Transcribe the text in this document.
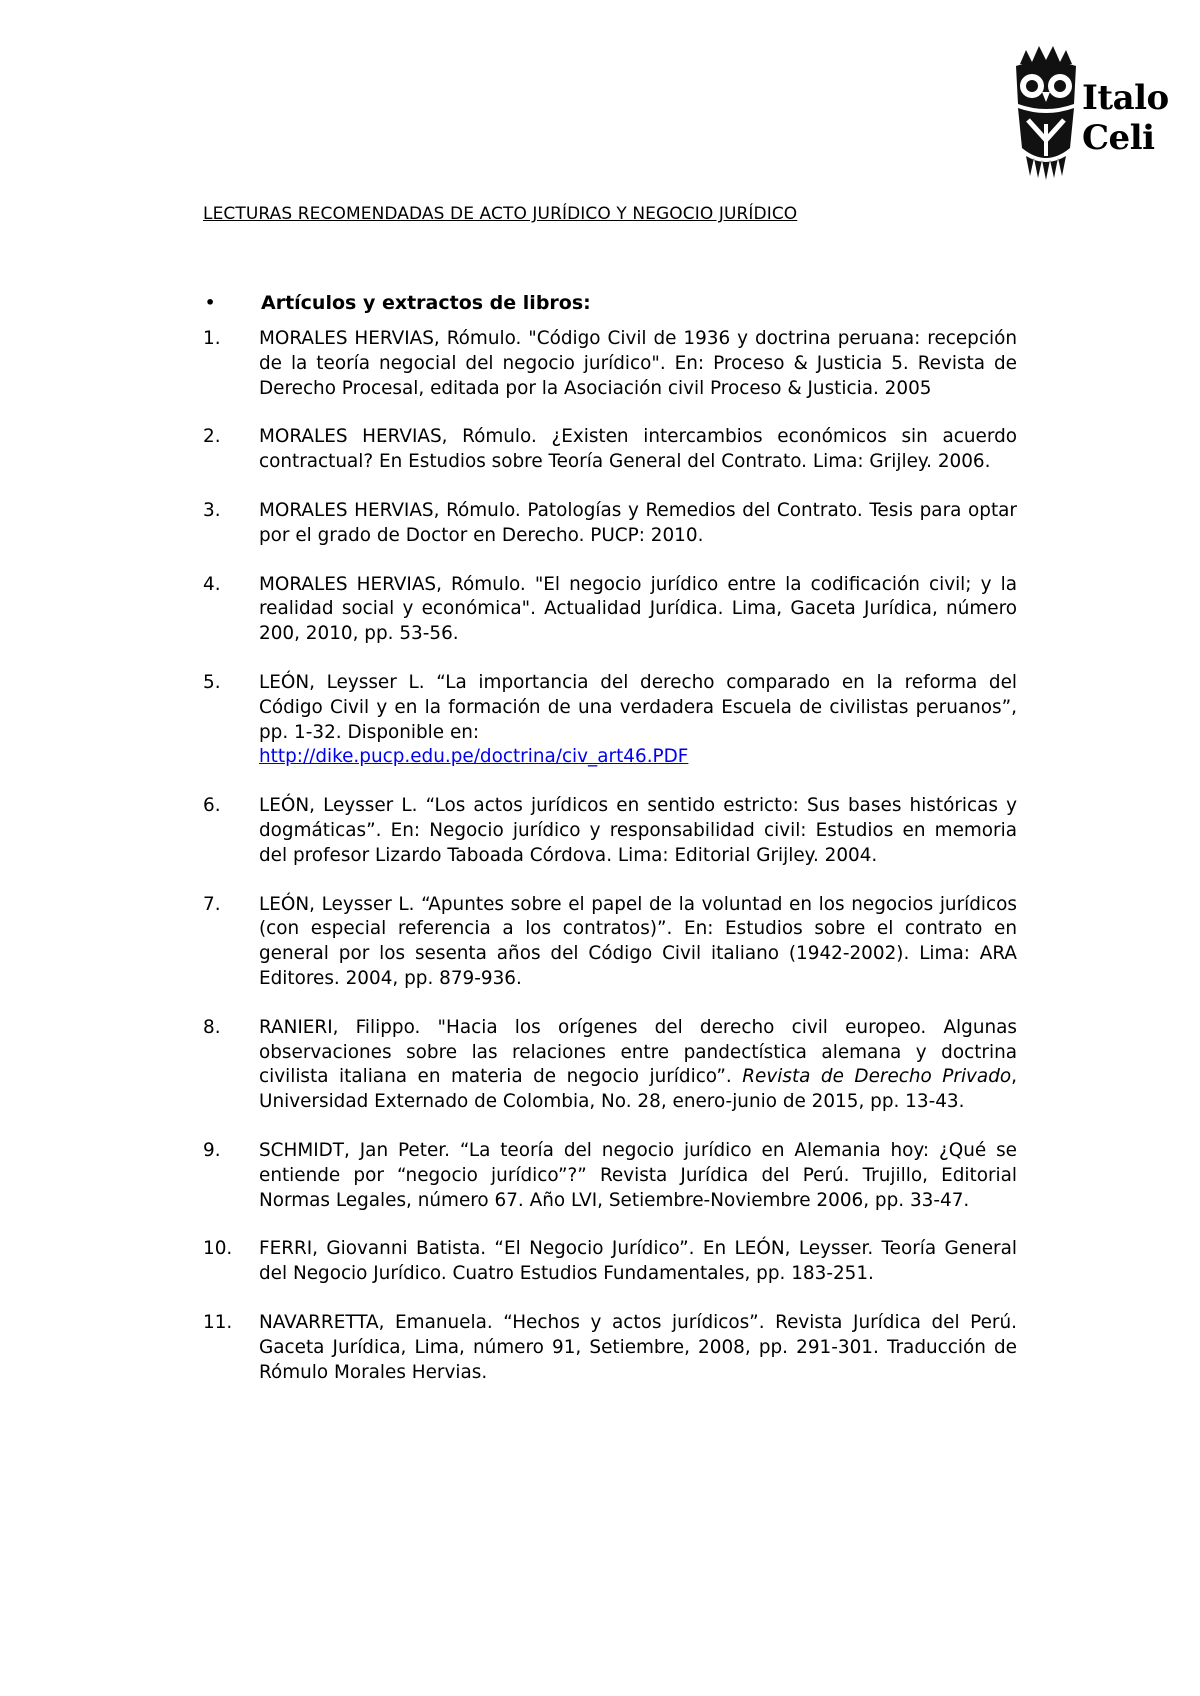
Italo
Celi
LECTURAS RECOMENDADAS DE ACTO JURÍDICO Y NEGOCIO JURÍDICO
•	Artículos y extractos de libros:
1.	MORALES HERVIAS, Rómulo. "Código Civil de 1936 y doctrina peruana: recepción de la teoría negocial del negocio jurídico". En: Proceso & Justicia 5. Revista de Derecho Procesal, editada por la Asociación civil Proceso & Justicia. 2005
2.	MORALES HERVIAS, Rómulo. ¿Existen intercambios económicos sin acuerdo contractual? En Estudios sobre Teoría General del Contrato. Lima: Grijley. 2006.
3.	MORALES HERVIAS, Rómulo. Patologías y Remedios del Contrato. Tesis para optar por el grado de Doctor en Derecho. PUCP: 2010.
4.	MORALES HERVIAS, Rómulo. "El negocio jurídico entre la codificación civil; y la realidad social y económica". Actualidad Jurídica. Lima, Gaceta Jurídica, número 200, 2010, pp. 53-56.
5.	LEÓN, Leysser L. “La importancia del derecho comparado en la reforma del Código Civil y en la formación de una verdadera Escuela de civilistas peruanos”, pp. 1-32. Disponible en:
http://dike.pucp.edu.pe/doctrina/civ_art46.PDF
6.	LEÓN, Leysser L. “Los actos jurídicos en sentido estricto: Sus bases históricas y dogmáticas”. En: Negocio jurídico y responsabilidad civil: Estudios en memoria del profesor Lizardo Taboada Córdova. Lima: Editorial Grijley. 2004.
7.	LEÓN, Leysser L. “Apuntes sobre el papel de la voluntad en los negocios jurídicos (con especial referencia a los contratos)”. En: Estudios sobre el contrato en general por los sesenta años del Código Civil italiano (1942-2002). Lima: ARA Editores. 2004, pp. 879-936.
8.	RANIERI, Filippo. "Hacia los orígenes del derecho civil europeo. Algunas observaciones sobre las relaciones entre pandectística alemana y doctrina civilista italiana en materia de negocio jurídico”. Revista de Derecho Privado, Universidad Externado de Colombia, No. 28, enero-junio de 2015, pp. 13-43.
9.	SCHMIDT, Jan Peter. “La teoría del negocio jurídico en Alemania hoy: ¿Qué se entiende por “negocio jurídico”?” Revista Jurídica del Perú. Trujillo, Editorial Normas Legales, número 67. Año LVI, Setiembre-Noviembre 2006, pp. 33-47.
10.	FERRI, Giovanni Batista. “El Negocio Jurídico”. En LEÓN, Leysser. Teoría General del Negocio Jurídico. Cuatro Estudios Fundamentales, pp. 183-251.
11.	NAVARRETTA, Emanuela. “Hechos y actos jurídicos”. Revista Jurídica del Perú. Gaceta Jurídica, Lima, número 91, Setiembre, 2008, pp. 291-301. Traducción de Rómulo Morales Hervias.
